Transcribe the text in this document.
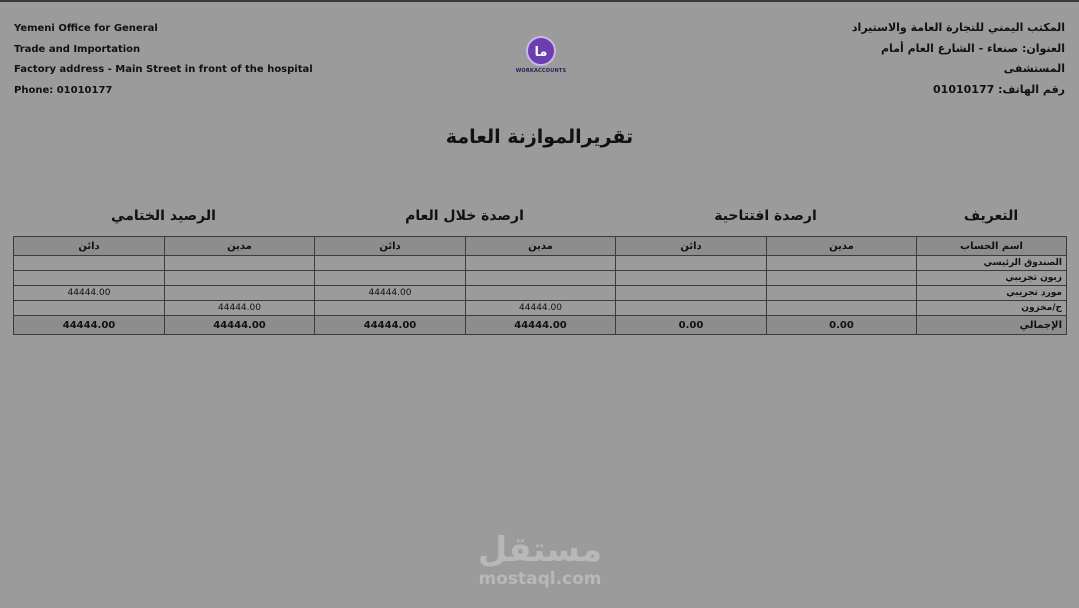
Yemeni Office for General
Trade and Importation
Factory address - Main Street in front of the hospital
Phone: 01010177
ما
WORKACCOUNTS
المكتب اليمني للتجارة العامة والاستيراد
العنوان: صنعاء - الشارع العام أمام
المستشفى
رقم الهاتف: 01010177
تقريرالموازنة العامة
التعريف
ارصدة افتتاحية
ارصدة خلال العام
الرصيد الختامي
اسم الحساب	مدين	دائن	مدين	دائن	مدين	دائن
الصندوق الرئيسي						
زبون تجريبي						
مورد تجريبي				44444.00		44444.00
ح/مخزون			44444.00		44444.00	
الإجمالي	0.00	0.00	44444.00	44444.00	44444.00	44444.00
مستقل
mostaql.com
